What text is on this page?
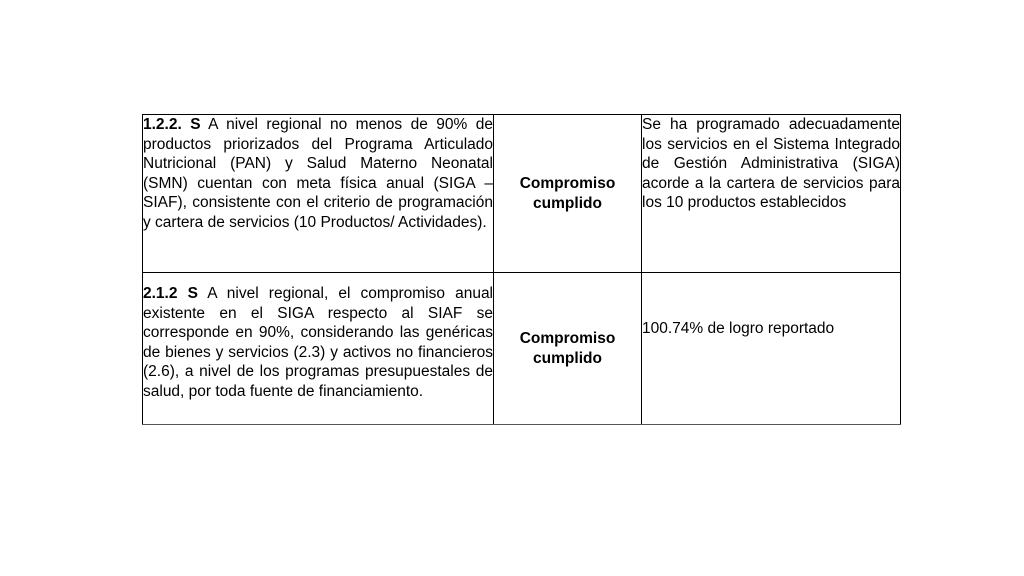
1.2.2. S A nivel regional no menos de 90% de productos priorizados del Programa Articulado Nutricional (PAN) y Salud Materno Neonatal (SMN) cuentan con meta física anual (SIGA – SIAF), consistente con el criterio de programación y cartera de servicios (10 Productos/ Actividades).	Compromiso cumplido	Se ha programado adecuadamente los servicios en el Sistema Integrado de Gestión Administrativa (SIGA) acorde a la cartera de servicios para los 10 productos establecidos
2.1.2 S A nivel regional, el compromiso anual existente en el SIGA respecto al SIAF se corresponde en 90%, considerando las genéricas de bienes y servicios (2.3) y activos no financieros (2.6), a nivel de los programas presupuestales de salud, por toda fuente de financiamiento.	Compromiso cumplido	100.74% de logro reportado
